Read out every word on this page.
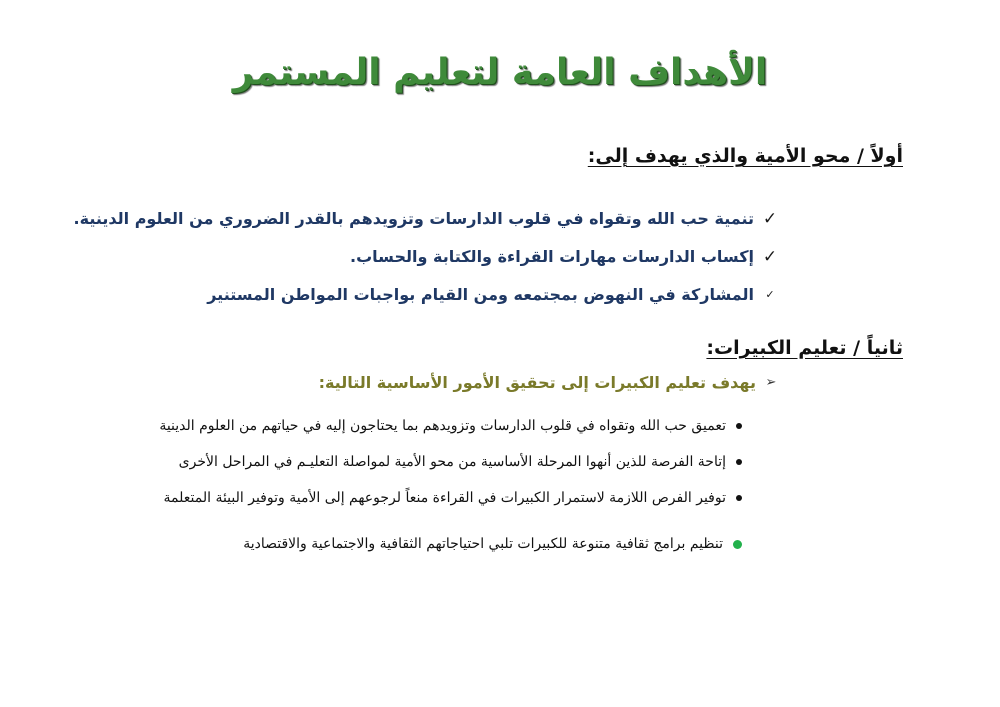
الأهداف العامة لتعليم المستمر
أولاً / محو الأمية والذي يهدف إلى:
✓
تنمية حب الله وتقواه في قلوب الدارسات وتزويدهم بالقدر الضروري من العلوم الدينية.
✓
إكساب الدارسات مهارات القراءة والكتابة والحساب.
✓
المشاركة في النهوض بمجتمعه ومن القيام بواجبات المواطن المستنير
ثانياً / تعليم الكبيرات:
➢
يهدف تعليم الكبيرات إلى تحقيق الأمور الأساسية التالية:
تعميق حب الله وتقواه في قلوب الدارسات وتزويدهم بما يحتاجون إليه في حياتهم من العلوم الدينية
إتاحة الفرصة للذين أنهوا المرحلة الأساسية من محو الأمية لمواصلة التعليـم في المراحل الأخرى
توفير الفرص اللازمة لاستمرار الكبيرات في القراءة منعاً لرجوعهم إلى الأمية وتوفير البيئة المتعلمة
تنظيم برامج ثقافية متنوعة للكبيرات تلبي احتياجاتهم الثقافية والاجتماعية والاقتصادية
